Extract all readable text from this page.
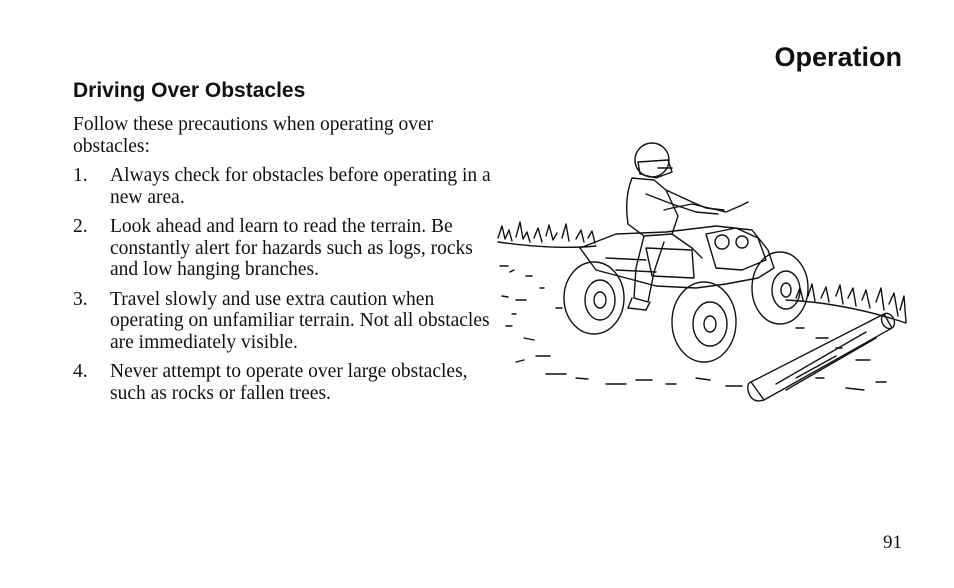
Operation
Driving Over Obstacles

Follow these precautions when operating over obstacles:

1. Always check for obstacles before operating in a new area.
2. Look ahead and learn to read the terrain. Be constantly alert for hazards such as logs, rocks and low hanging branches.
3. Travel slowly and use extra caution when operating on unfamiliar terrain. Not all obstacles are immediately visible.
4. Never attempt to operate over large obstacles, such as rocks or fallen trees.
91
